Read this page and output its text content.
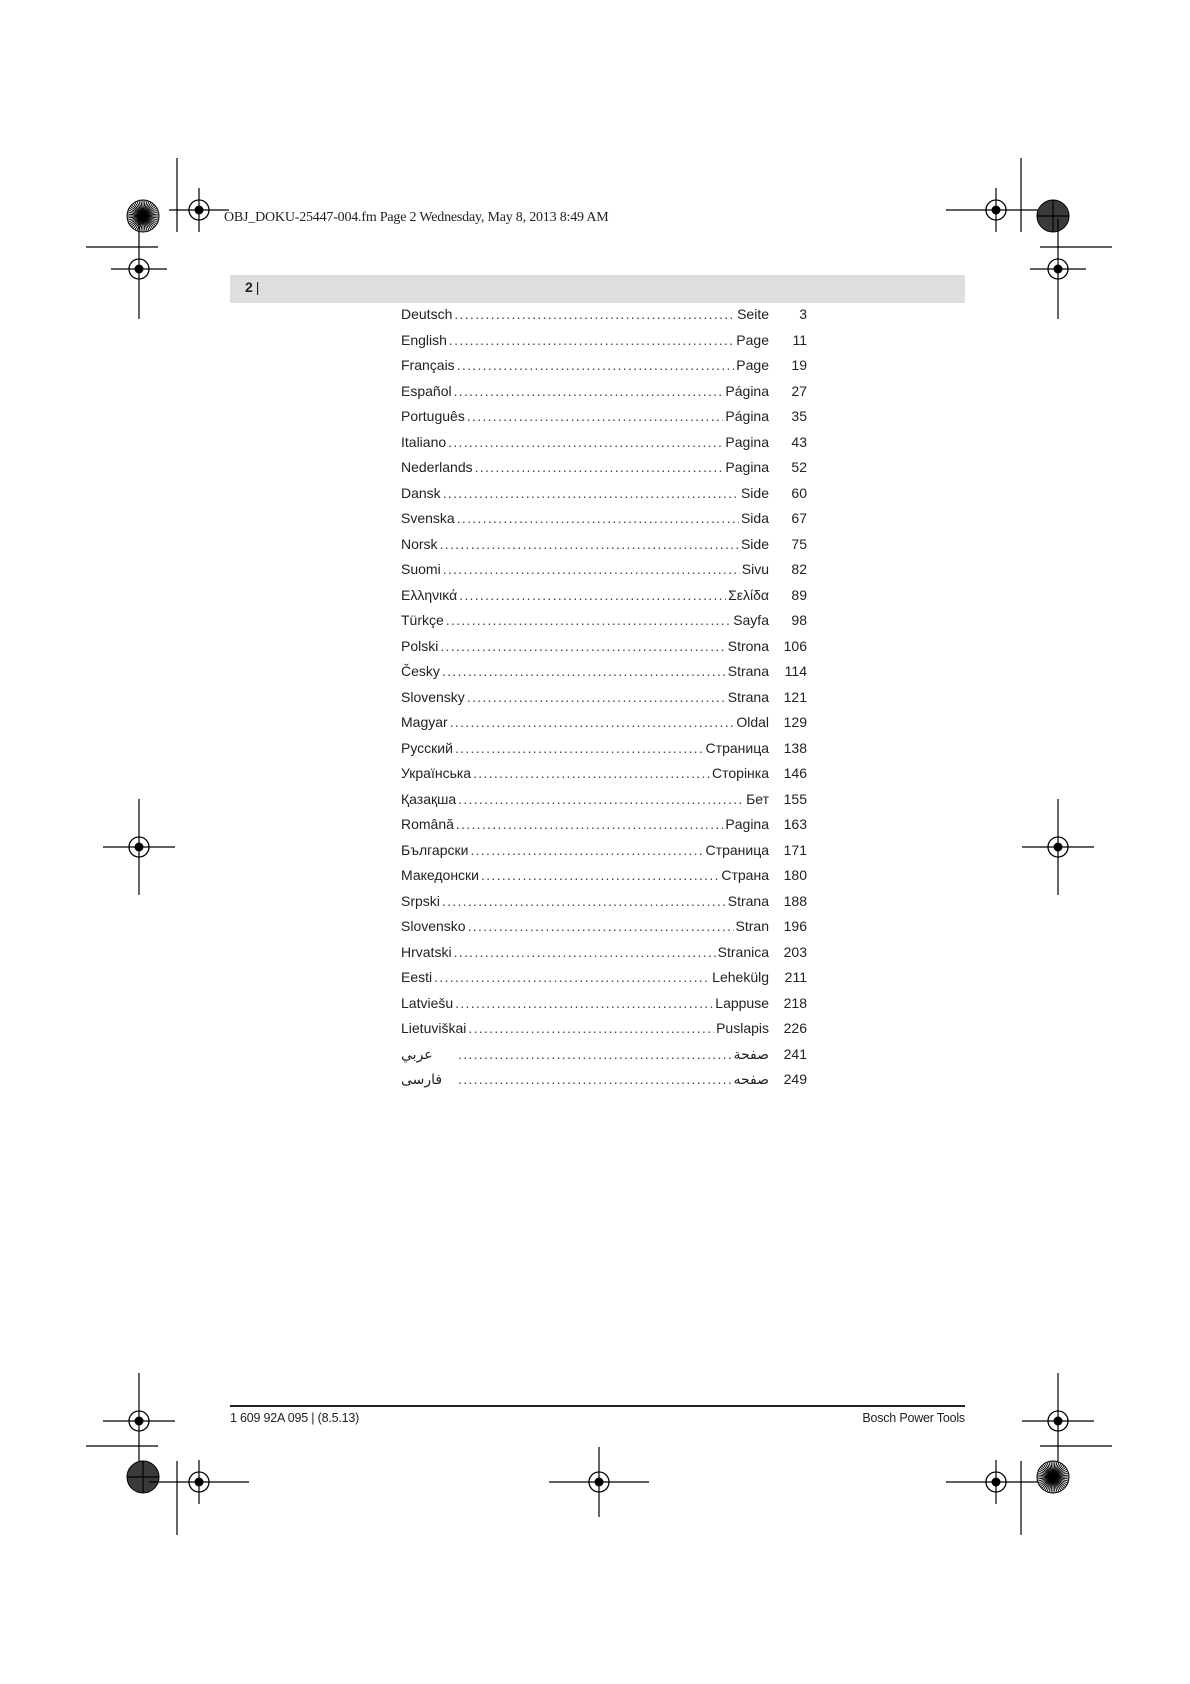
OBJ_DOKU-25447-004.fm Page 2 Wednesday, May 8, 2013 8:49 AM
2 |
Deutsch .....	Seite	3
English .....	Page	11
Français .....	Page	19
Español .....	Página	27
Português .....	Página	35
Italiano .....	Pagina	43
Nederlands .....	Pagina	52
Dansk .....	Side	60
Svenska .....	Sida	67
Norsk .....	Side	75
Suomi .....	Sivu	82
Ελληνικά .....	Σελίδα	89
Türkçe .....	Sayfa	98
Polski .....	Strona	106
Česky .....	Strana	114
Slovensky .....	Strana	121
Magyar .....	Oldal	129
Русский .....	Страница	138
Українська .....	Сторінка	146
Қазақша .....	Бет	155
Română .....	Pagina	163
Български .....	Страница	171
Македонски .....	Страна	180
Srpski .....	Strana	188
Slovensko .....	Stran	196
Hrvatski .....	Stranica	203
Eesti .....	Lehekülg	211
Latviešu .....	Lappuse	218
Lietuviškai .....	Puslapis	226
عربي .....	صفحة	241
فارسی .....	صفحه	249
1 609 92A 095 | (8.5.13)	Bosch Power Tools
